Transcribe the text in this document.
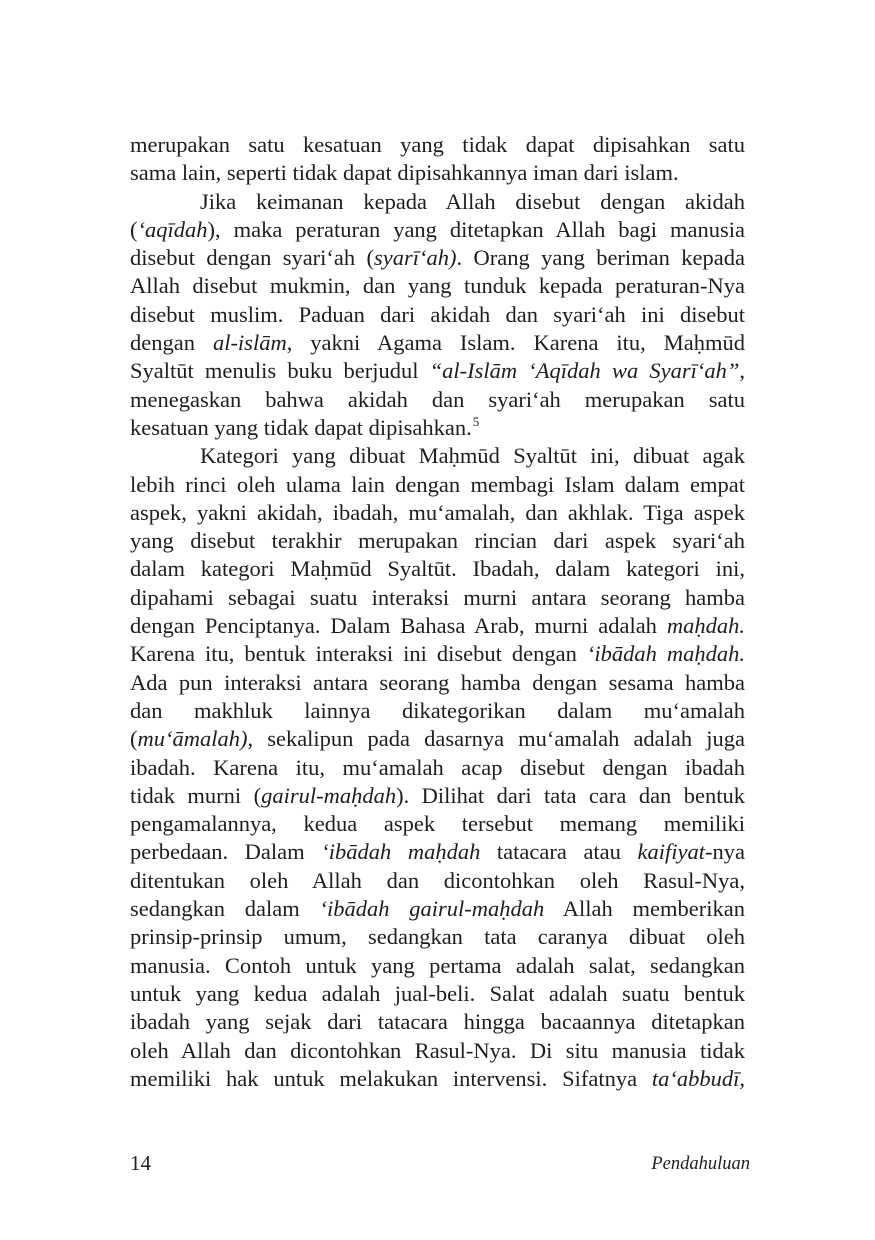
merupakan satu kesatuan yang tidak dapat dipisahkan satu
sama lain, seperti tidak dapat dipisahkannya iman dari islam.
Jika keimanan kepada Allah disebut dengan akidah
(‘aqīdah), maka peraturan yang ditetapkan Allah bagi manusia
disebut dengan syari‘ah (syarī‘ah). Orang yang beriman kepada
Allah disebut mukmin, dan yang tunduk kepada peraturan-Nya
disebut muslim. Paduan dari akidah dan syari‘ah ini disebut
dengan al-islām, yakni Agama Islam. Karena itu, Maḥmūd
Syaltūt menulis buku berjudul “al-Islām ‘Aqīdah wa Syarī‘ah”,
menegaskan bahwa akidah dan syari‘ah merupakan satu
kesatuan yang tidak dapat dipisahkan.$^5$
Kategori yang dibuat Maḥmūd Syaltūt ini, dibuat agak
lebih rinci oleh ulama lain dengan membagi Islam dalam empat
aspek, yakni akidah, ibadah, mu‘amalah, dan akhlak. Tiga aspek
yang disebut terakhir merupakan rincian dari aspek syari‘ah
dalam kategori Maḥmūd Syaltūt. Ibadah, dalam kategori ini,
dipahami sebagai suatu interaksi murni antara seorang hamba
dengan Penciptanya. Dalam Bahasa Arab, murni adalah maḥdah.
Karena itu, bentuk interaksi ini disebut dengan ‘ibādah maḥdah.
Ada pun interaksi antara seorang hamba dengan sesama hamba
dan makhluk lainnya dikategorikan dalam mu‘amalah
(mu‘āmalah), sekalipun pada dasarnya mu‘amalah adalah juga
ibadah. Karena itu, mu‘amalah acap disebut dengan ibadah
tidak murni (gairul-maḥdah). Dilihat dari tata cara dan bentuk
pengamalannya, kedua aspek tersebut memang memiliki
perbedaan. Dalam ‘ibādah maḥdah tatacara atau kaifiyat-nya
ditentukan oleh Allah dan dicontohkan oleh Rasul-Nya,
sedangkan dalam ‘ibādah gairul-maḥdah Allah memberikan
prinsip-prinsip umum, sedangkan tata caranya dibuat oleh
manusia. Contoh untuk yang pertama adalah salat, sedangkan
untuk yang kedua adalah jual-beli. Salat adalah suatu bentuk
ibadah yang sejak dari tatacara hingga bacaannya ditetapkan
oleh Allah dan dicontohkan Rasul-Nya. Di situ manusia tidak
memiliki hak untuk melakukan intervensi. Sifatnya ta‘abbudī,
14	Pendahuluan
